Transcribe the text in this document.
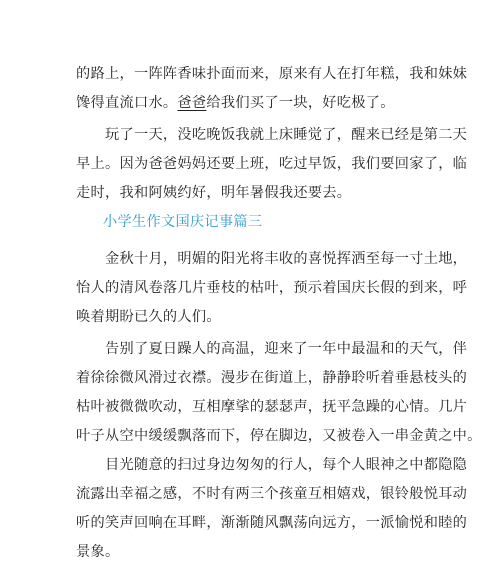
的路上，一阵阵香味扑面而来，原来有人在打年糕，我和妹妹
馋得直流口水。爸爸给我们买了一块，好吃极了。

　　玩了一天，没吃晚饭我就上床睡觉了，醒来已经是第二天
早上。因为爸爸妈妈还要上班，吃过早饭，我们要回家了，临
走时，我和阿姨约好，明年暑假我还要去。

小学生作文国庆记事篇三

　　金秋十月，明媚的阳光将丰收的喜悦挥洒至每一寸土地，
怡人的清风卷落几片垂枝的枯叶，预示着国庆长假的到来，呼
唤着期盼已久的人们。

　　告别了夏日躁人的高温，迎来了一年中最温和的天气，伴
着徐徐微风滑过衣襟。漫步在街道上，静静聆听着垂悬枝头的
枯叶被微微吹动，互相摩挲的瑟瑟声，抚平急躁的心情。几片
叶子从空中缓缓飘落而下，停在脚边，又被卷入一串金黄之中。

　　目光随意的扫过身边匆匆的行人，每个人眼神之中都隐隐
流露出幸福之感，不时有两三个孩童互相嬉戏，银铃般悦耳动
听的笑声回响在耳畔，渐渐随风飘荡向远方，一派愉悦和睦的
景象。
